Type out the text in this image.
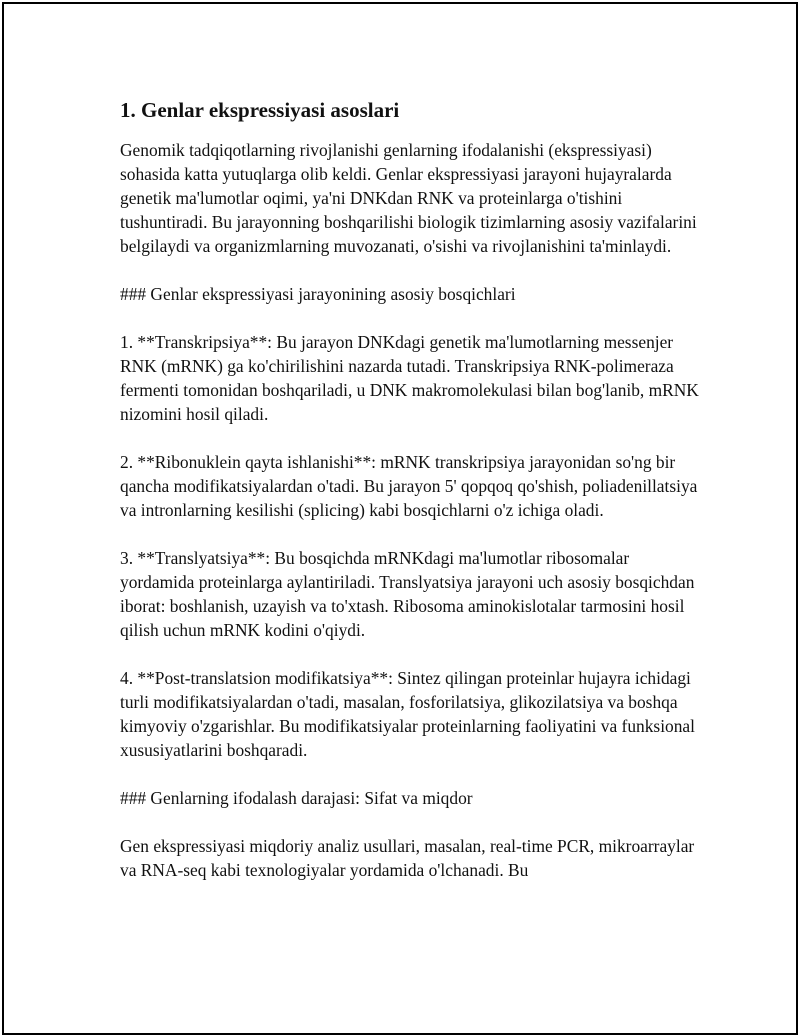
1. Genlar ekspressiyasi asoslari

Genomik tadqiqotlarning rivojlanishi genlarning ifodalanishi (ekspressiyasi) sohasida katta yutuqlarga olib keldi. Genlar ekspressiyasi jarayoni hujayralarda genetik ma'lumotlar oqimi, ya'ni DNKdan RNK va proteinlarga o'tishini tushuntiradi. Bu jarayonning boshqarilishi biologik tizimlarning asosiy vazifalarini belgilaydi va organizmlarning muvozanati, o'sishi va rivojlanishini ta'minlaydi.

### Genlar ekspressiyasi jarayonining asosiy bosqichlari

1. **Transkripsiya**: Bu jarayon DNKdagi genetik ma'lumotlarning messenjer RNK (mRNK) ga ko'chirilishini nazarda tutadi. Transkripsiya RNK-polimeraza fermenti tomonidan boshqariladi, u DNK makromolekulasi bilan bog'lanib, mRNK nizomini hosil qiladi.

2. **Ribonuklein qayta ishlanishi**: mRNK transkripsiya jarayonidan so'ng bir qancha modifikatsiyalardan o'tadi. Bu jarayon 5' qopqoq qo'shish, poliadenillatsiya va intronlarning kesilishi (splicing) kabi bosqichlarni o'z ichiga oladi.

3. **Translyatsiya**: Bu bosqichda mRNKdagi ma'lumotlar ribosomalar yordamida proteinlarga aylantiriladi. Translyatsiya jarayoni uch asosiy bosqichdan iborat: boshlanish, uzayish va to'xtash. Ribosoma aminokislotalar tarmosini hosil qilish uchun mRNK kodini o'qiydi.

4. **Post-translatsion modifikatsiya**: Sintez qilingan proteinlar hujayra ichidagi turli modifikatsiyalardan o'tadi, masalan, fosforilatsiya, glikozilatsiya va boshqa kimyoviy o'zgarishlar. Bu modifikatsiyalar proteinlarning faoliyatini va funksional xususiyatlarini boshqaradi.

### Genlarning ifodalash darajasi: Sifat va miqdor

Gen ekspressiyasi miqdoriy analiz usullari, masalan, real-time PCR, mikroarraylar va RNA-seq kabi texnologiyalar yordamida o'lchanadi. Bu
